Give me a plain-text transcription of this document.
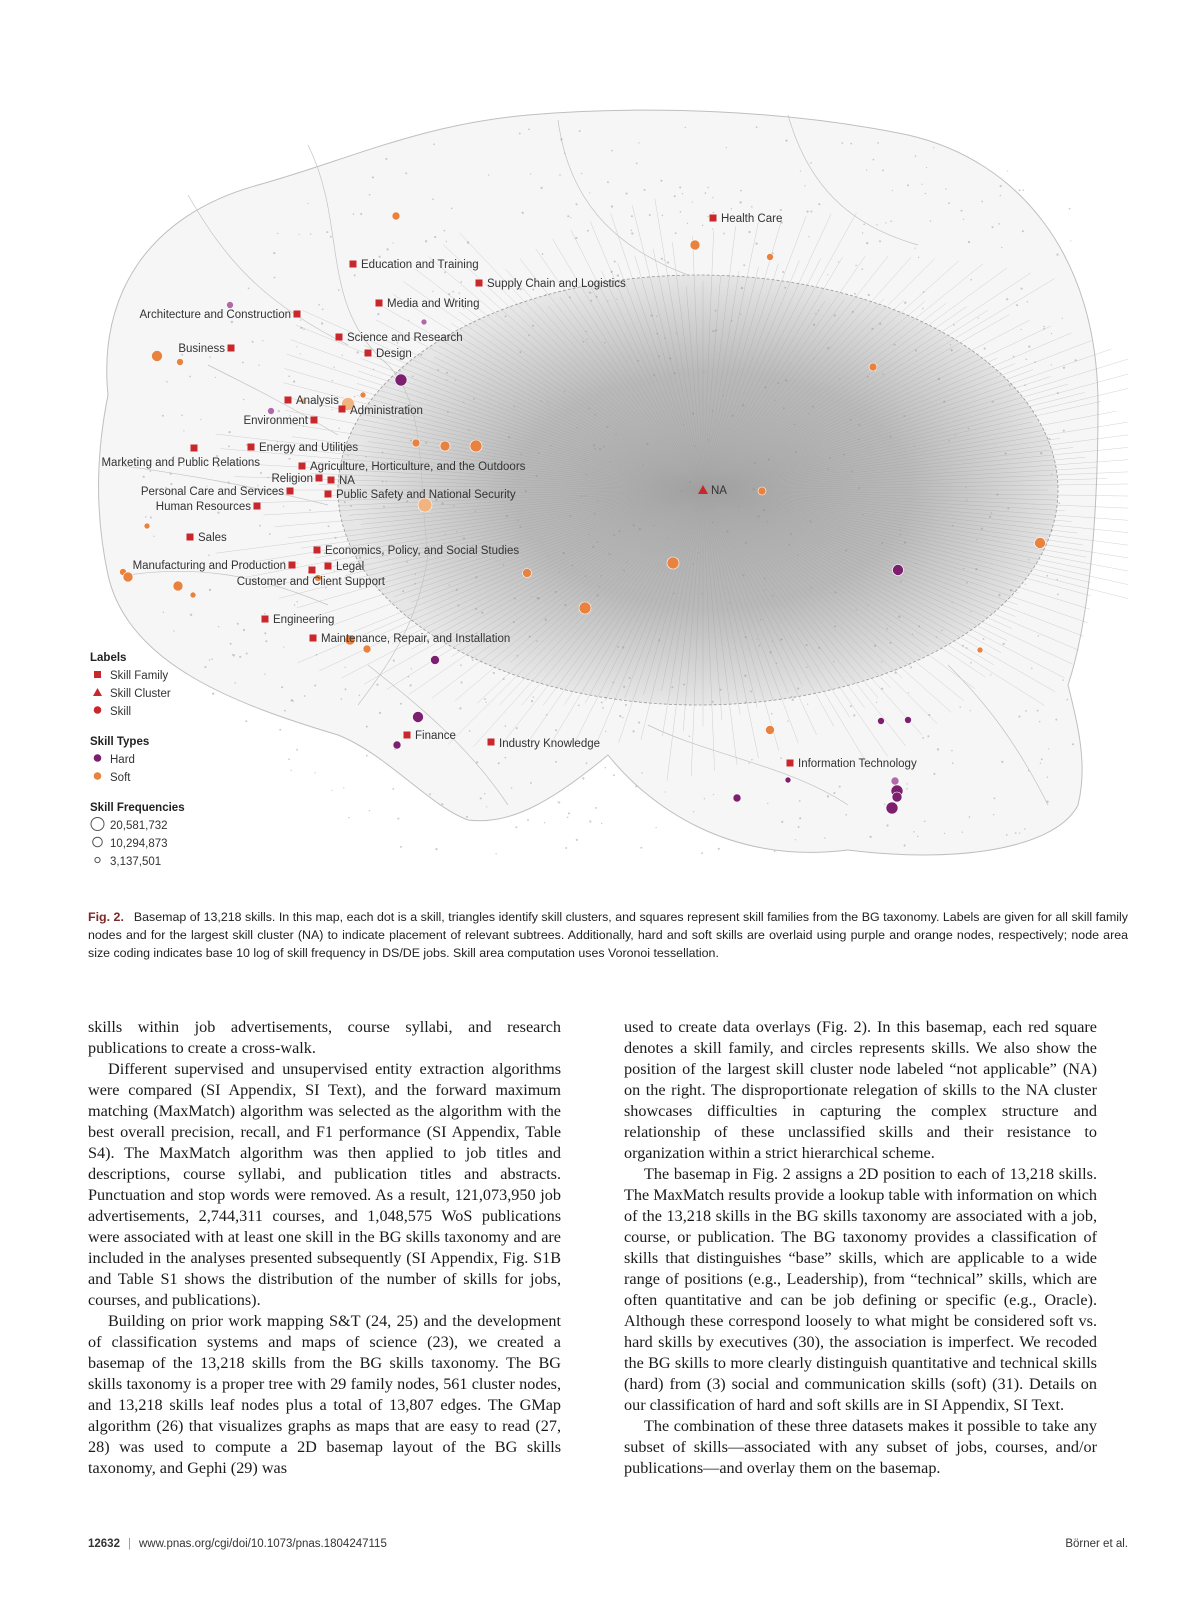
Health Care
Education and Training
Supply Chain and Logistics
Media and Writing
Architecture and Construction
Science and Research
Business	Design
Analysis
Administration
Environment
Energy and Utilities
Marketing and Public Relations	Agriculture, Horticulture, and the Outdoors
Religion NA
Personal Care and Services	Public Safety and National Security
Human Resources
Sales
Economics, Policy, and Social Studies
Manufacturing and Production	Legal
Customer and Client Support
Engineering
Maintenance, Repair, and Installation
Finance
Industry Knowledge
Information Technology
NA
Labels
Skill Family
Skill Cluster
Skill
Skill Types
Hard
Soft
Skill Frequencies
20,581,732
10,294,873
3,137,501
Fig. 2. Basemap of 13,218 skills. In this map, each dot is a skill, triangles identify skill clusters, and squares represent skill families from the BG taxonomy. Labels are given for all skill family nodes and for the largest skill cluster (NA) to indicate placement of relevant subtrees. Additionally, hard and soft skills are overlaid using purple and orange nodes, respectively; node area size coding indicates base 10 log of skill frequency in DS/DE jobs. Skill area computation uses Voronoi tessellation.

skills within job advertisements, course syllabi, and research publications to create a cross-walk.

Different supervised and unsupervised entity extraction algorithms were compared (SI Appendix, SI Text), and the forward maximum matching (MaxMatch) algorithm was selected as the algorithm with the best overall precision, recall, and F1 performance (SI Appendix, Table S4). The MaxMatch algorithm was then applied to job titles and descriptions, course syllabi, and publication titles and abstracts. Punctuation and stop words were removed. As a result, 121,073,950 job advertisements, 2,744,311 courses, and 1,048,575 WoS publications were associated with at least one skill in the BG skills taxonomy and are included in the analyses presented subsequently (SI Appendix, Fig. S1B and Table S1 shows the distribution of the number of skills for jobs, courses, and publications).

Building on prior work mapping S&T (24, 25) and the development of classification systems and maps of science (23), we created a basemap of the 13,218 skills from the BG skills taxonomy. The BG skills taxonomy is a proper tree with 29 family nodes, 561 cluster nodes, and 13,218 skills leaf nodes plus a total of 13,807 edges. The GMap algorithm (26) that visualizes graphs as maps that are easy to read (27, 28) was used to compute a 2D basemap layout of the BG skills taxonomy, and Gephi (29) was

used to create data overlays (Fig. 2). In this basemap, each red square denotes a skill family, and circles represents skills. We also show the position of the largest skill cluster node labeled “not applicable” (NA) on the right. The disproportionate relegation of skills to the NA cluster showcases difficulties in capturing the complex structure and relationship of these unclassified skills and their resistance to organization within a strict hierarchical scheme.

The basemap in Fig. 2 assigns a 2D position to each of 13,218 skills. The MaxMatch results provide a lookup table with information on which of the 13,218 skills in the BG skills taxonomy are associated with a job, course, or publication. The BG taxonomy provides a classification of skills that distinguishes “base” skills, which are applicable to a wide range of positions (e.g., Leadership), from “technical” skills, which are often quantitative and can be job defining or specific (e.g., Oracle). Although these correspond loosely to what might be considered soft vs. hard skills by executives (30), the association is imperfect. We recoded the BG skills to more clearly distinguish quantitative and technical skills (hard) from (3) social and communication skills (soft) (31). Details on our classification of hard and soft skills are in SI Appendix, SI Text.

The combination of these three datasets makes it possible to take any subset of skills—associated with any subset of jobs, courses, and/or publications—and overlay them on the basemap.

12632 | www.pnas.org/cgi/doi/10.1073/pnas.1804247115	Börner et al.
